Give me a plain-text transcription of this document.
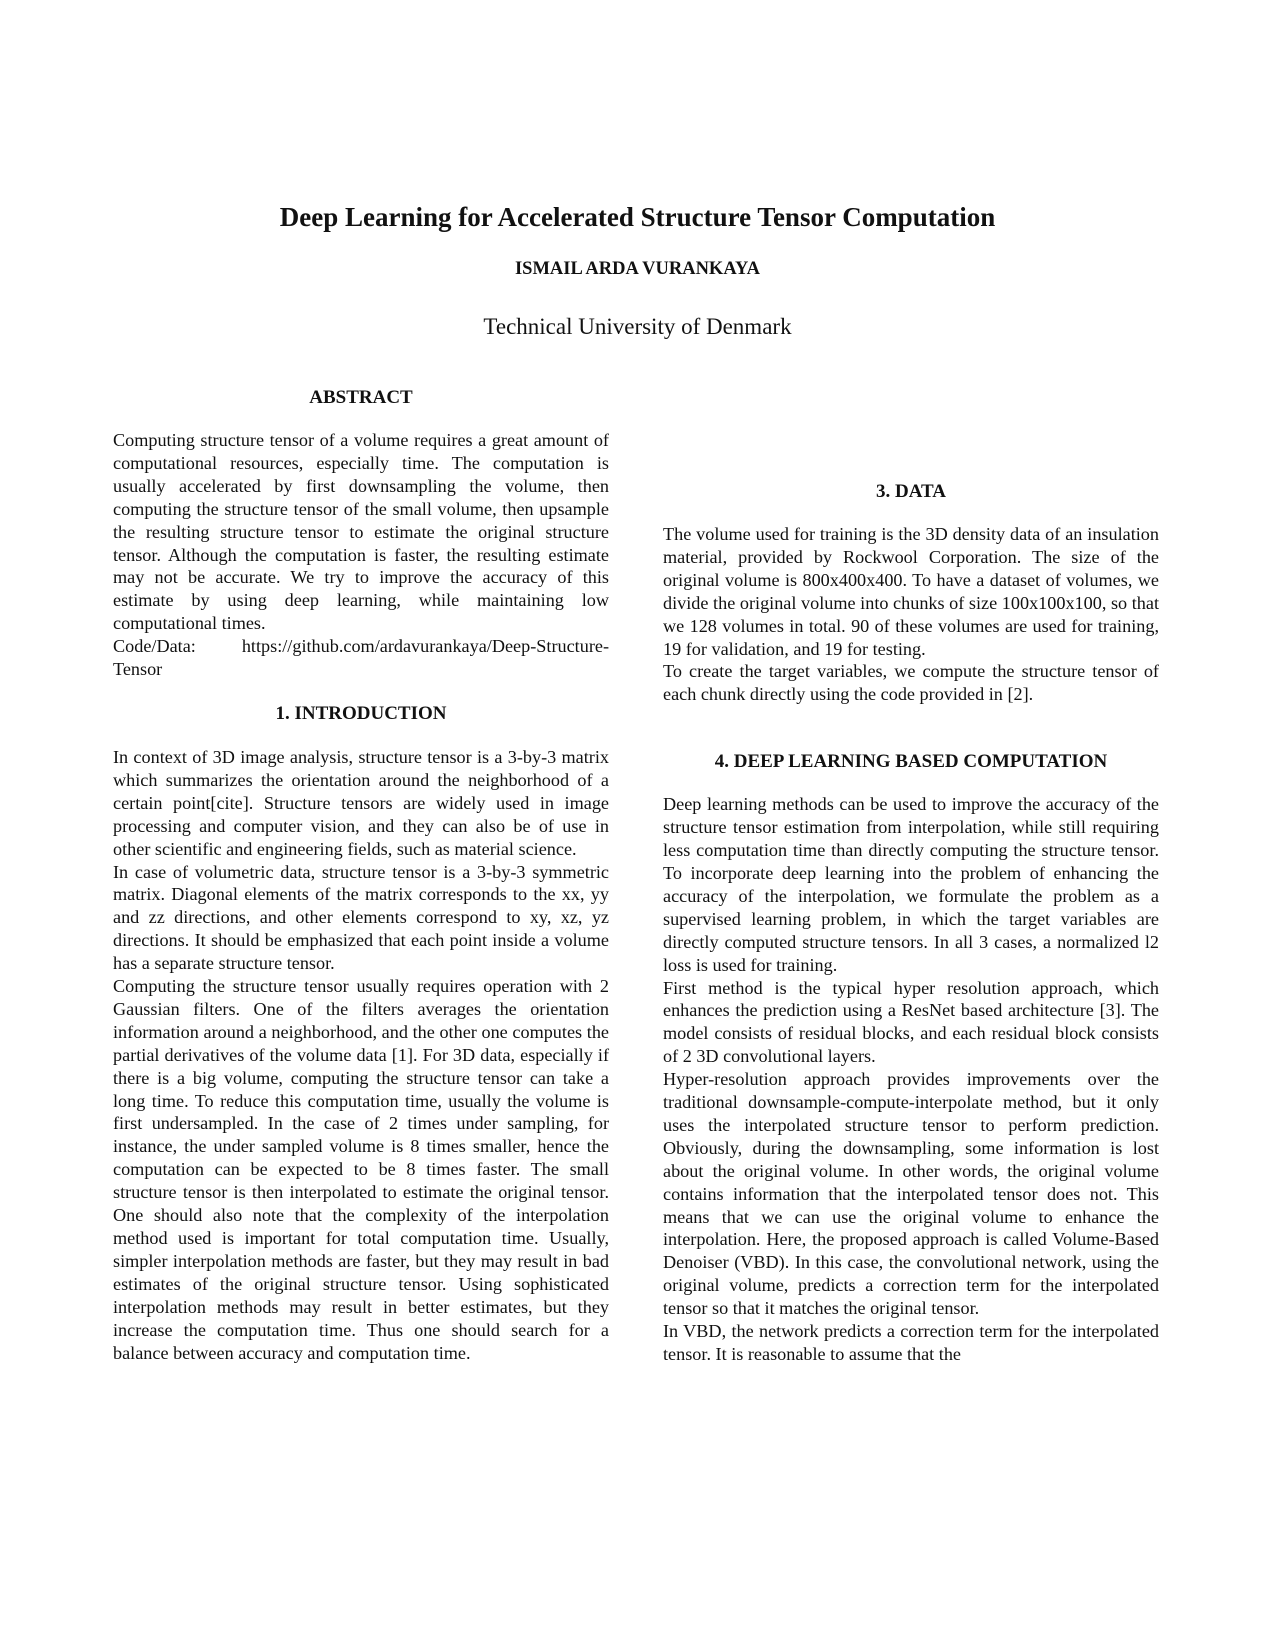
Deep Learning for Accelerated Structure Tensor Computation
ISMAIL ARDA VURANKAYA
Technical University of Denmark
ABSTRACT

Computing structure tensor of a volume requires a great amount of computational resources, especially time. The computation is usually accelerated by first downsampling the volume, then computing the structure tensor of the small volume, then upsample the resulting structure tensor to estimate the original structure tensor. Although the computation is faster, the resulting estimate may not be accurate. We try to improve the accuracy of this estimate by using deep learning, while maintaining low computational times.

Code/Data: https://github.com/ardavurankaya/Deep-Structure-Tensor

1. INTRODUCTION

In context of 3D image analysis, structure tensor is a 3-by-3 matrix which summarizes the orientation around the neighborhood of a certain point[cite]. Structure tensors are widely used in image processing and computer vision, and they can also be of use in other scientific and engineering fields, such as material science.

In case of volumetric data, structure tensor is a 3-by-3 symmetric matrix. Diagonal elements of the matrix corresponds to the xx, yy and zz directions, and other elements correspond to xy, xz, yz directions. It should be emphasized that each point inside a volume has a separate structure tensor.

Computing the structure tensor usually requires operation with 2 Gaussian filters. One of the filters averages the orientation information around a neighborhood, and the other one computes the partial derivatives of the volume data [1]. For 3D data, especially if there is a big volume, computing the structure tensor can take a long time. To reduce this computation time, usually the volume is first undersampled. In the case of 2 times under sampling, for instance, the under sampled volume is 8 times smaller, hence the computation can be expected to be 8 times faster. The small structure tensor is then interpolated to estimate the original tensor. One should also note that the complexity of the interpolation method used is important for total computation time. Usually, simpler interpolation methods are faster, but they may result in bad estimates of the original structure tensor. Using sophisticated interpolation methods may result in better estimates, but they increase the computation time. Thus one should search for a balance between accuracy and computation time.

3. DATA

The volume used for training is the 3D density data of an insulation material, provided by Rockwool Corporation. The size of the original volume is 800x400x400. To have a dataset of volumes, we divide the original volume into chunks of size 100x100x100, so that we 128 volumes in total. 90 of these volumes are used for training, 19 for validation, and 19 for testing.

To create the target variables, we compute the structure tensor of each chunk directly using the code provided in [2].

4. DEEP LEARNING BASED COMPUTATION

Deep learning methods can be used to improve the accuracy of the structure tensor estimation from interpolation, while still requiring less computation time than directly computing the structure tensor. To incorporate deep learning into the problem of enhancing the accuracy of the interpolation, we formulate the problem as a supervised learning problem, in which the target variables are directly computed structure tensors. In all 3 cases, a normalized l2 loss is used for training.

First method is the typical hyper resolution approach, which enhances the prediction using a ResNet based architecture [3]. The model consists of residual blocks, and each residual block consists of 2 3D convolutional layers.

Hyper-resolution approach provides improvements over the traditional downsample-compute-interpolate method, but it only uses the interpolated structure tensor to perform prediction. Obviously, during the downsampling, some information is lost about the original volume. In other words, the original volume contains information that the interpolated tensor does not. This means that we can use the original volume to enhance the interpolation. Here, the proposed approach is called Volume-Based Denoiser (VBD). In this case, the convolutional network, using the original volume, predicts a correction term for the interpolated tensor so that it matches the original tensor.

In VBD, the network predicts a correction term for the interpolated tensor. It is reasonable to assume that the
